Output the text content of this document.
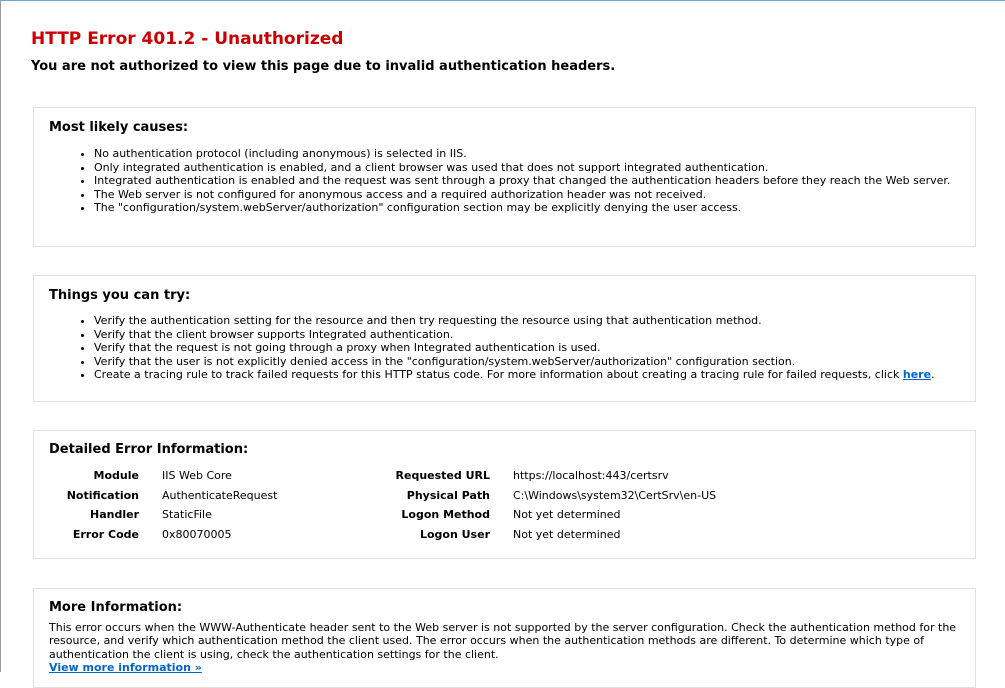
HTTP Error 401.2 - Unauthorized
You are not authorized to view this page due to invalid authentication headers.
Most likely causes:
• No authentication protocol (including anonymous) is selected in IIS.
• Only integrated authentication is enabled, and a client browser was used that does not support integrated authentication.
• Integrated authentication is enabled and the request was sent through a proxy that changed the authentication headers before they reach the Web server.
• The Web server is not configured for anonymous access and a required authorization header was not received.
• The "configuration/system.webServer/authorization" configuration section may be explicitly denying the user access.
Things you can try:
• Verify the authentication setting for the resource and then try requesting the resource using that authentication method.
• Verify that the client browser supports Integrated authentication.
• Verify that the request is not going through a proxy when Integrated authentication is used.
• Verify that the user is not explicitly denied access in the "configuration/system.webServer/authorization" configuration section.
• Create a tracing rule to track failed requests for this HTTP status code. For more information about creating a tracing rule for failed requests, click here.
Detailed Error Information:
Module	IIS Web Core
Notification	AuthenticateRequest
Handler	StaticFile
Error Code	0x80070005
Requested URL	https://localhost:443/certsrv
Physical Path	C:\Windows\system32\CertSrv\en-US
Logon Method	Not yet determined
Logon User	Not yet determined
More Information:

This error occurs when the WWW-Authenticate header sent to the Web server is not supported by the server configuration. Check the authentication method for the resource, and verify which authentication method the client used. The error occurs when the authentication methods are different. To determine which type of authentication the client is using, check the authentication settings for the client.

View more information »
